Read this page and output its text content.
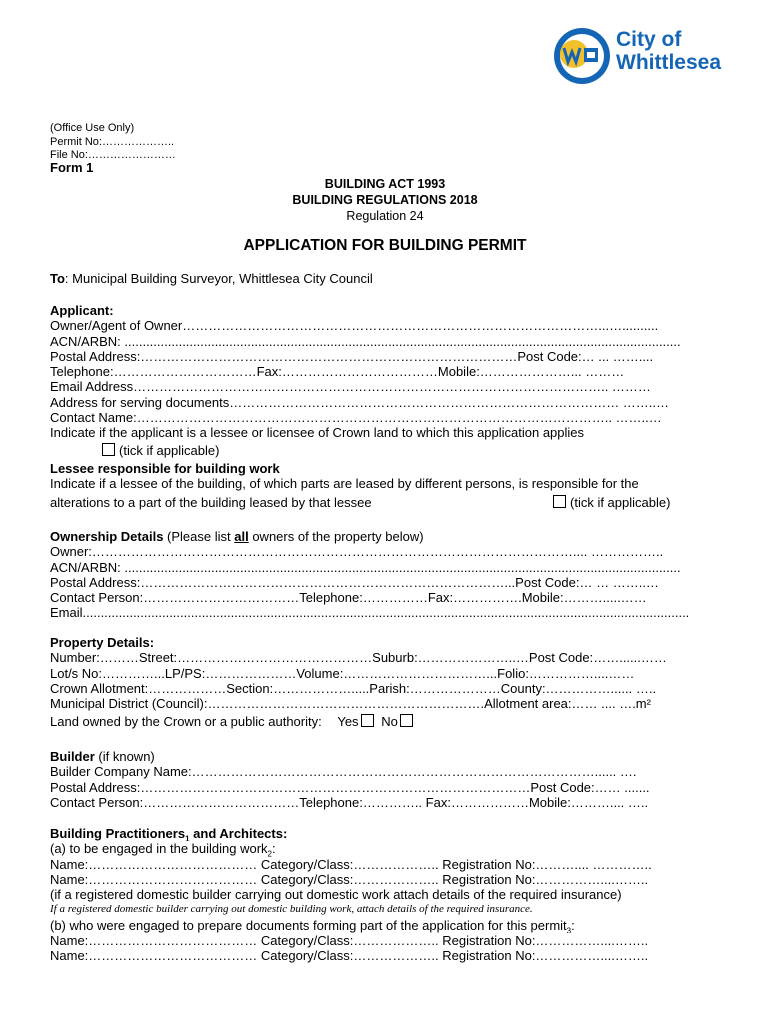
City of
Whittlesea
(Office Use Only)
Permit No:………………..
File No:……………………
Form 1
BUILDING ACT 1993
BUILDING REGULATIONS 2018
Regulation 24
APPLICATION FOR BUILDING PERMIT
To: Municipal Building Surveyor, Whittlesea City Council
Applicant:
Owner/Agent of Owner……………………………………………………………………………………...…..........
ACN/ARBN: ..........................................................................................................................................................
Postal Address:……………………………………………………………………………Post Code:… ... ……....
Telephone:……………………………Fax:………………………………Mobile:…………………... ………
Email Address……………………………………………………………………………………………….. ………
Address for serving documents……………………………………………………………………………… ……..…
Contact Name:……………………………………………………………………………………………….. ……..…
Indicate if the applicant is a lessee or licensee of Crown land to which this application applies
(tick if applicable)
Lessee responsible for building work
Indicate if a lessee of the building, of which parts are leased by different persons, is responsible for the
alterations to a part of the building leased by that lessee	(tick if applicable)
Ownership Details (Please list all owners of the property below)
Owner:………………………………………………………………………………………………….... ……………..
ACN/ARBN: ..........................................................................................................................................................
Postal Address:…………………………………………………………………………...Post Code:… … ……..…
Contact Person:………………………………Telephone:……………Fax:…………….Mobile:……….....……
Email........................................................................................................................................................................
Property Details:
Number:………Street:………………………………………Suburb:…………………..…Post Code:……......……
Lot/s No:…………...LP/PS:…………………Volume:……………………………...Folio:……………....……
Crown Allotment:………………Section:……………….....Parish:…………………County:……………...... …..
Municipal District (Council):……………………………………………………….Allotment area:…… .... ….m²
Land owned by the Crown or a public authority: Yes No
Builder (if known)
Builder Company Name:…………………………………………………………………………………...... ….
Postal Address:………………………………………………………………………………Post Code:…… .......
Contact Person:………………………………Telephone:………….. Fax:………………Mobile:……….... …..
Building Practitioners$_1$ and Architects:
(a) to be engaged in the building work$_2$:
Name:………………………………… Category/Class:……………….. Registration No:……….... …………..
Name:………………………………… Category/Class:……………….. Registration No:……………....……..
(if a registered domestic builder carrying out domestic work attach details of the required insurance)
If a registered domestic builder carrying out domestic building work, attach details of the required insurance.
(b) who were engaged to prepare documents forming part of the application for this permit$_3$:
Name:………………………………… Category/Class:……………….. Registration No:……………....……..
Name:………………………………… Category/Class:……………….. Registration No:……………....……..
